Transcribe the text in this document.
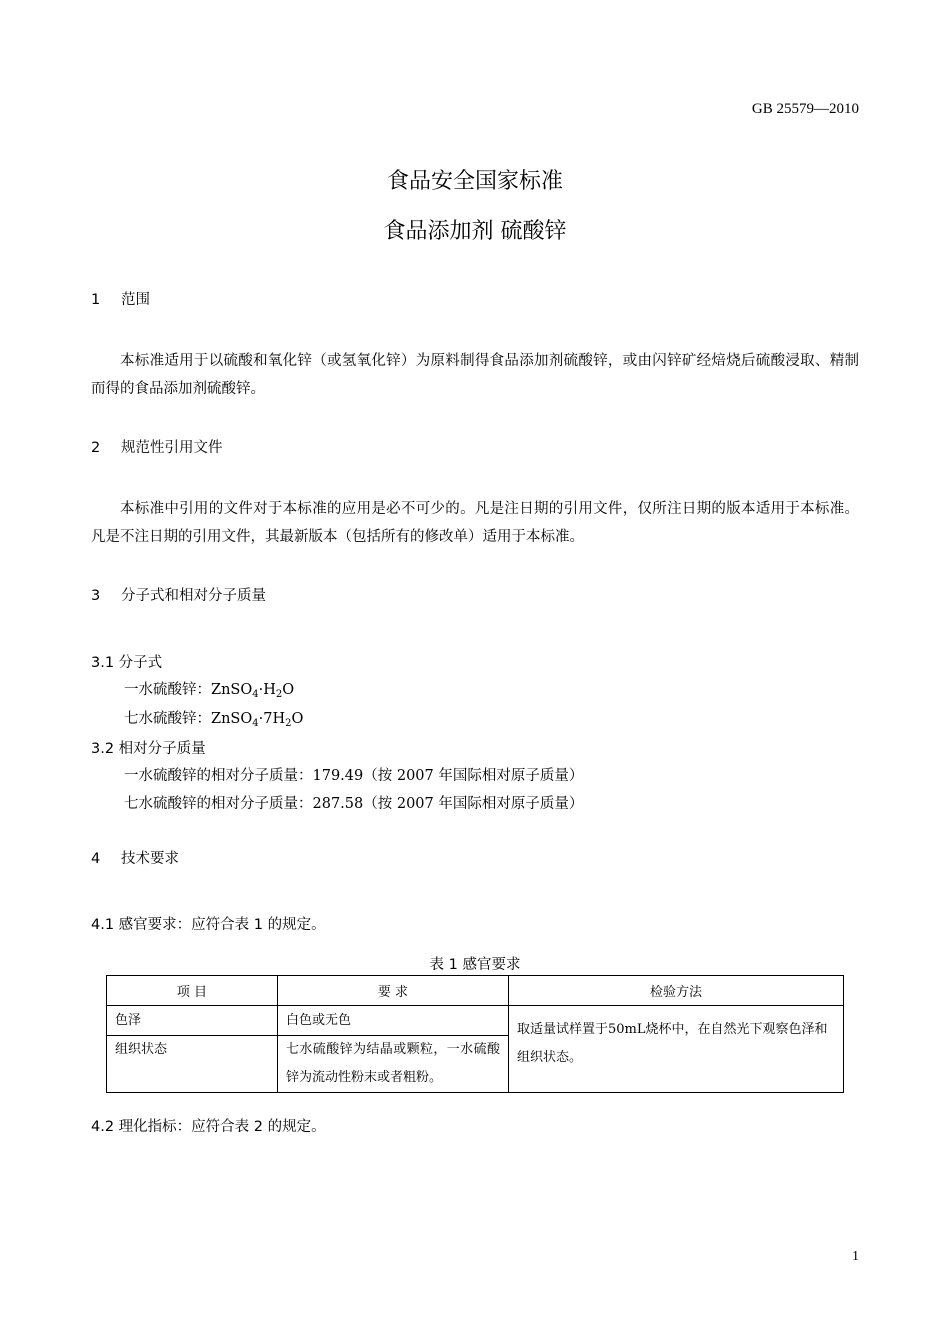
GB 25579—2010
食品安全国家标准
食品添加剂 硫酸锌
1 范围
本标准适用于以硫酸和氧化锌（或氢氧化锌）为原料制得食品添加剂硫酸锌，或由闪锌矿经焙烧后硫酸浸取、精制而得的食品添加剂硫酸锌。
2 规范性引用文件
本标准中引用的文件对于本标准的应用是必不可少的。凡是注日期的引用文件，仅所注日期的版本适用于本标准。凡是不注日期的引用文件，其最新版本（包括所有的修改单）适用于本标准。
3 分子式和相对分子质量
3.1 分子式
一水硫酸锌：$ZnSO_4\cdot H_2O$
七水硫酸锌：$ZnSO_4\cdot 7H_2O$
3.2 相对分子质量
一水硫酸锌的相对分子质量：179.49（按 2007 年国际相对原子质量）
七水硫酸锌的相对分子质量：287.58（按 2007 年国际相对原子质量）
4 技术要求
4.1 感官要求：应符合表 1 的规定。
表 1 感官要求
项 目	要 求	检验方法
色泽	白色或无色	取适量试样置于50mL烧杯中，在自然光下观察色泽和组织状态。
组织状态	七水硫酸锌为结晶或颗粒，一水硫酸锌为流动性粉末或者粗粉。	
4.2 理化指标：应符合表 2 的规定。
1
